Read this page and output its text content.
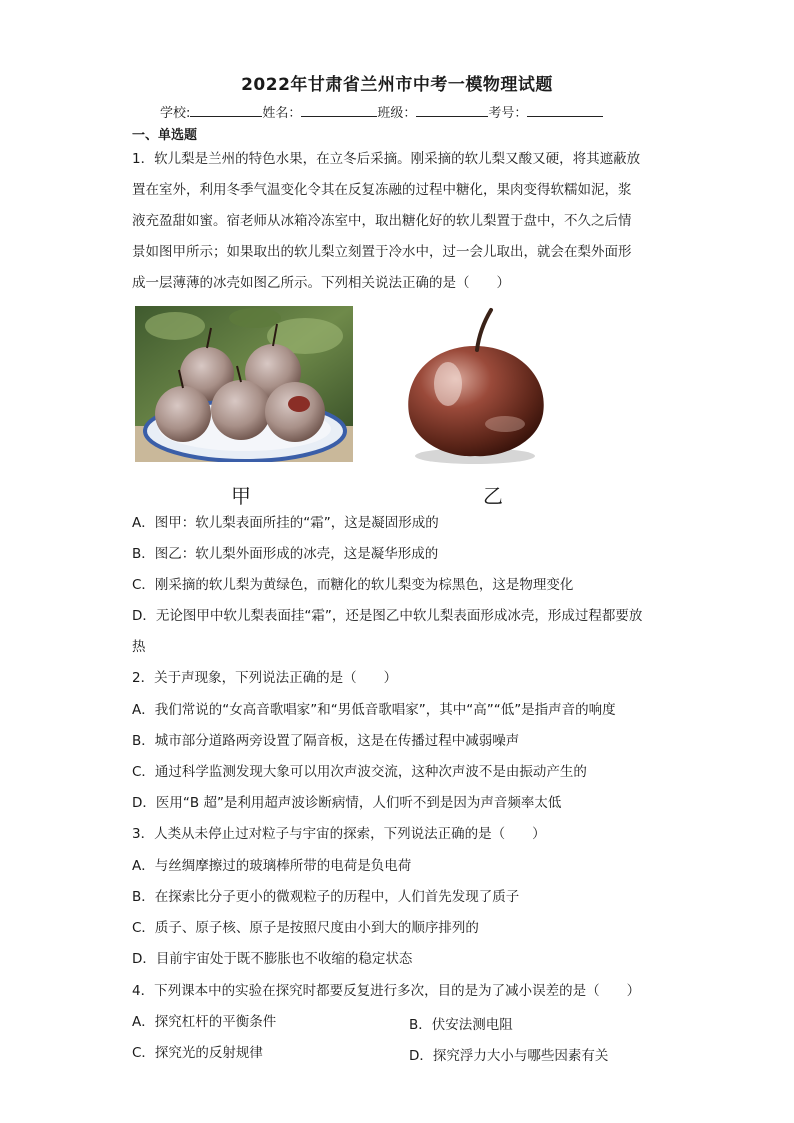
2022年甘肃省兰州市中考一模物理试题
学校:	姓名：	班级：	考号：
一、单选题
1．软儿梨是兰州的特色水果，在立冬后采摘。刚采摘的软儿梨又酸又硬，将其遮蔽放
置在室外，利用冬季气温变化令其在反复冻融的过程中糖化，果肉变得软糯如泥，浆
液充盈甜如蜜。宿老师从冰箱冷冻室中，取出糖化好的软儿梨置于盘中，不久之后情
景如图甲所示；如果取出的软儿梨立刻置于冷水中，过一会儿取出，就会在梨外面形
成一层薄薄的冰壳如图乙所示。下列相关说法正确的是（　　）
甲	乙
A．图甲：软儿梨表面所挂的“霜”，这是凝固形成的
B．图乙：软儿梨外面形成的冰壳，这是凝华形成的
C．刚采摘的软儿梨为黄绿色，而糖化的软儿梨变为棕黑色，这是物理变化
D．无论图甲中软儿梨表面挂“霜”，还是图乙中软儿梨表面形成冰壳，形成过程都要放
热
2．关于声现象，下列说法正确的是（　　）
A．我们常说的“女高音歌唱家”和“男低音歌唱家”，其中“高”“低”是指声音的响度
B．城市部分道路两旁设置了隔音板，这是在传播过程中减弱噪声
C．通过科学监测发现大象可以用次声波交流，这种次声波不是由振动产生的
D．医用“B 超”是利用超声波诊断病情，人们听不到是因为声音频率太低
3．人类从未停止过对粒子与宇宙的探索，下列说法正确的是（　　）
A．与丝绸摩擦过的玻璃棒所带的电荷是负电荷
B．在探索比分子更小的微观粒子的历程中，人们首先发现了质子
C．质子、原子核、原子是按照尺度由小到大的顺序排列的
D．目前宇宙处于既不膨胀也不收缩的稳定状态
4．下列课本中的实验在探究时都要反复进行多次，目的是为了减小误差的是（　　）
A．探究杠杆的平衡条件	B．伏安法测电阻
C．探究光的反射规律	D．探究浮力大小与哪些因素有关
